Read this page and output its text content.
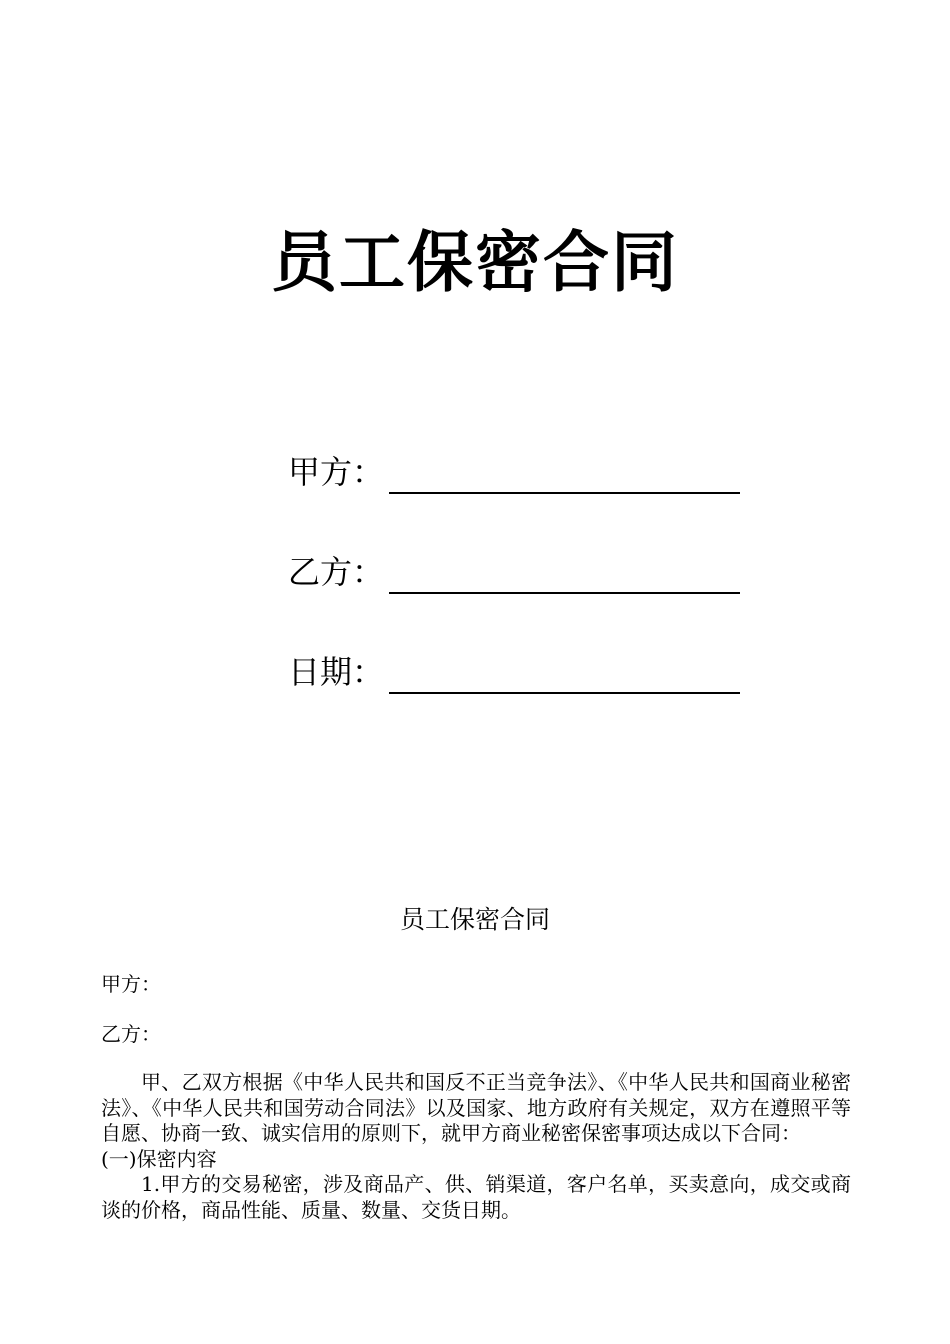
员工保密合同
甲方：
乙方：
日期：
员工保密合同
甲方：
乙方：

甲、乙双方根据《中华人民共和国反不正当竞争法》、《中华人民共和国商业秘密法》、《中华人民共和国劳动合同法》以及国家、地方政府有关规定，双方在遵照平等自愿、协商一致、诚实信用的原则下，就甲方商业秘密保密事项达成以下合同：

(一)保密内容

1.甲方的交易秘密，涉及商品产、供、销渠道，客户名单，买卖意向，成交或商谈的价格，商品性能、质量、数量、交货日期。
